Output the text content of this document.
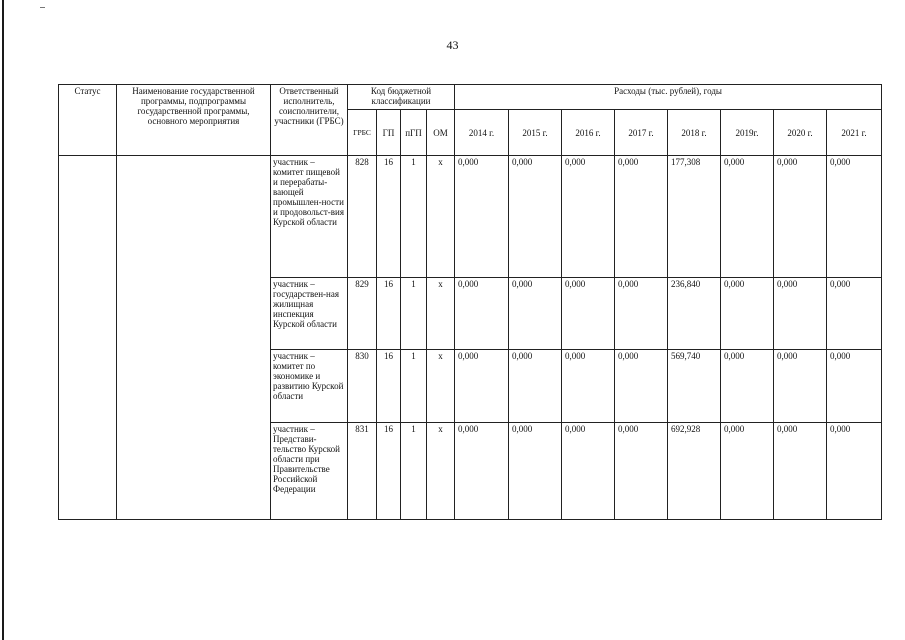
43
Статус	Наименование государственной программы, подпрограммы государственной программы, основного мероприятия	Ответственный исполнитель, соисполнители, участники (ГРБС)	Код бюджетной классификации				Расходы (тыс. рублей), годы							
			ГРБС	ГП	пГП	ОМ	2014 г.	2015 г.	2016 г.	2017 г.	2018 г.	2019г.	2020 г.	2021 г.
		участник – комитет пищевой и перерабаты-вающей промышлен-ности и продовольст-вия Курской области	828	16	1	х	0,000	0,000	0,000	0,000	177,308	0,000	0,000	0,000
		участник – государствен-ная жилищная инспекция Курской области	829	16	1	х	0,000	0,000	0,000	0,000	236,840	0,000	0,000	0,000
		участник – комитет по экономике и развитию Курской области	830	16	1	х	0,000	0,000	0,000	0,000	569,740	0,000	0,000	0,000
		участник – Представи-тельство Курской области при Правительстве Российской Федерации	831	16	1	х	0,000	0,000	0,000	0,000	692,928	0,000	0,000	0,000
